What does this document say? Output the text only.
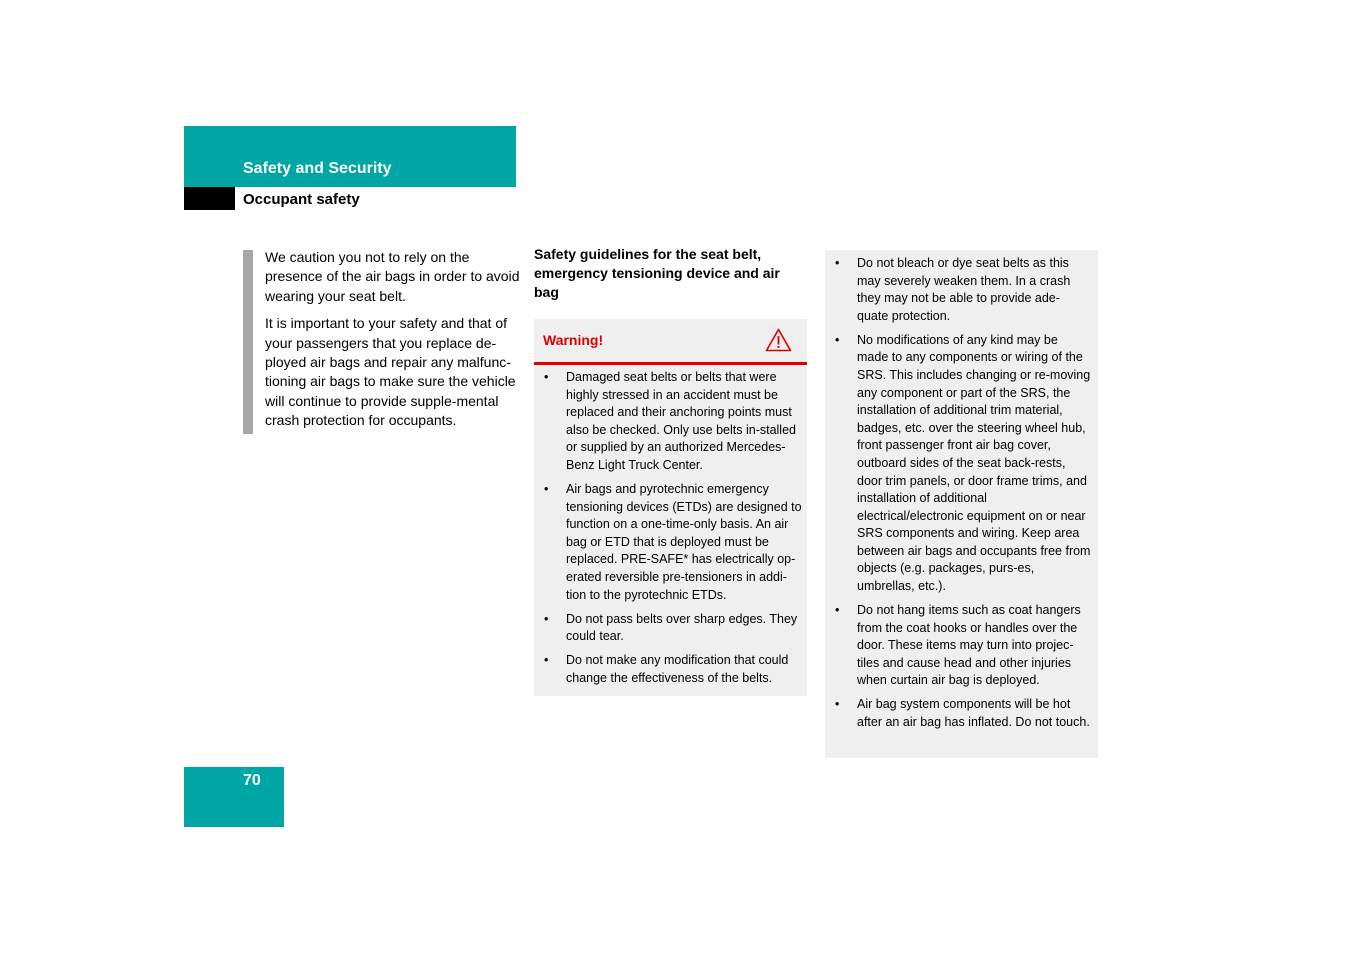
Safety and Security
Occupant safety

We caution you not to rely on the presence of the air bags in order to avoid wearing your seat belt.

It is important to your safety and that of your passengers that you replace de-ployed air bags and repair any malfunc-tioning air bags to make sure the vehicle will continue to provide supple-mental crash protection for occupants.

Safety guidelines for the seat belt, emergency tensioning device and air bag
Warning!
• Damaged seat belts or belts that were highly stressed in an accident must be replaced and their anchoring points must also be checked. Only use belts in-stalled or supplied by an authorized Mercedes-Benz Light Truck Center.
• Air bags and pyrotechnic emergency tensioning devices (ETDs) are designed to function on a one-time-only basis. An air bag or ETD that is deployed must be replaced. PRE-SAFE* has electrically op-erated reversible pre-tensioners in addi-tion to the pyrotechnic ETDs.
• Do not pass belts over sharp edges. They could tear.
• Do not make any modification that could change the effectiveness of the belts.
• Do not bleach or dye seat belts as this may severely weaken them. In a crash they may not be able to provide ade-quate protection.
• No modifications of any kind may be made to any components or wiring of the SRS. This includes changing or re-moving any component or part of the SRS, the installation of additional trim material, badges, etc. over the steering wheel hub, front passenger front air bag cover, outboard sides of the seat back-rests, door trim panels, or door frame trims, and installation of additional electrical/electronic equipment on or near SRS components and wiring. Keep area between air bags and occupants free from objects (e.g. packages, purs-es, umbrellas, etc.).
• Do not hang items such as coat hangers from the coat hooks or handles over the door. These items may turn into projec-tiles and cause head and other injuries when curtain air bag is deployed.
• Air bag system components will be hot after an air bag has inflated. Do not touch.
70
